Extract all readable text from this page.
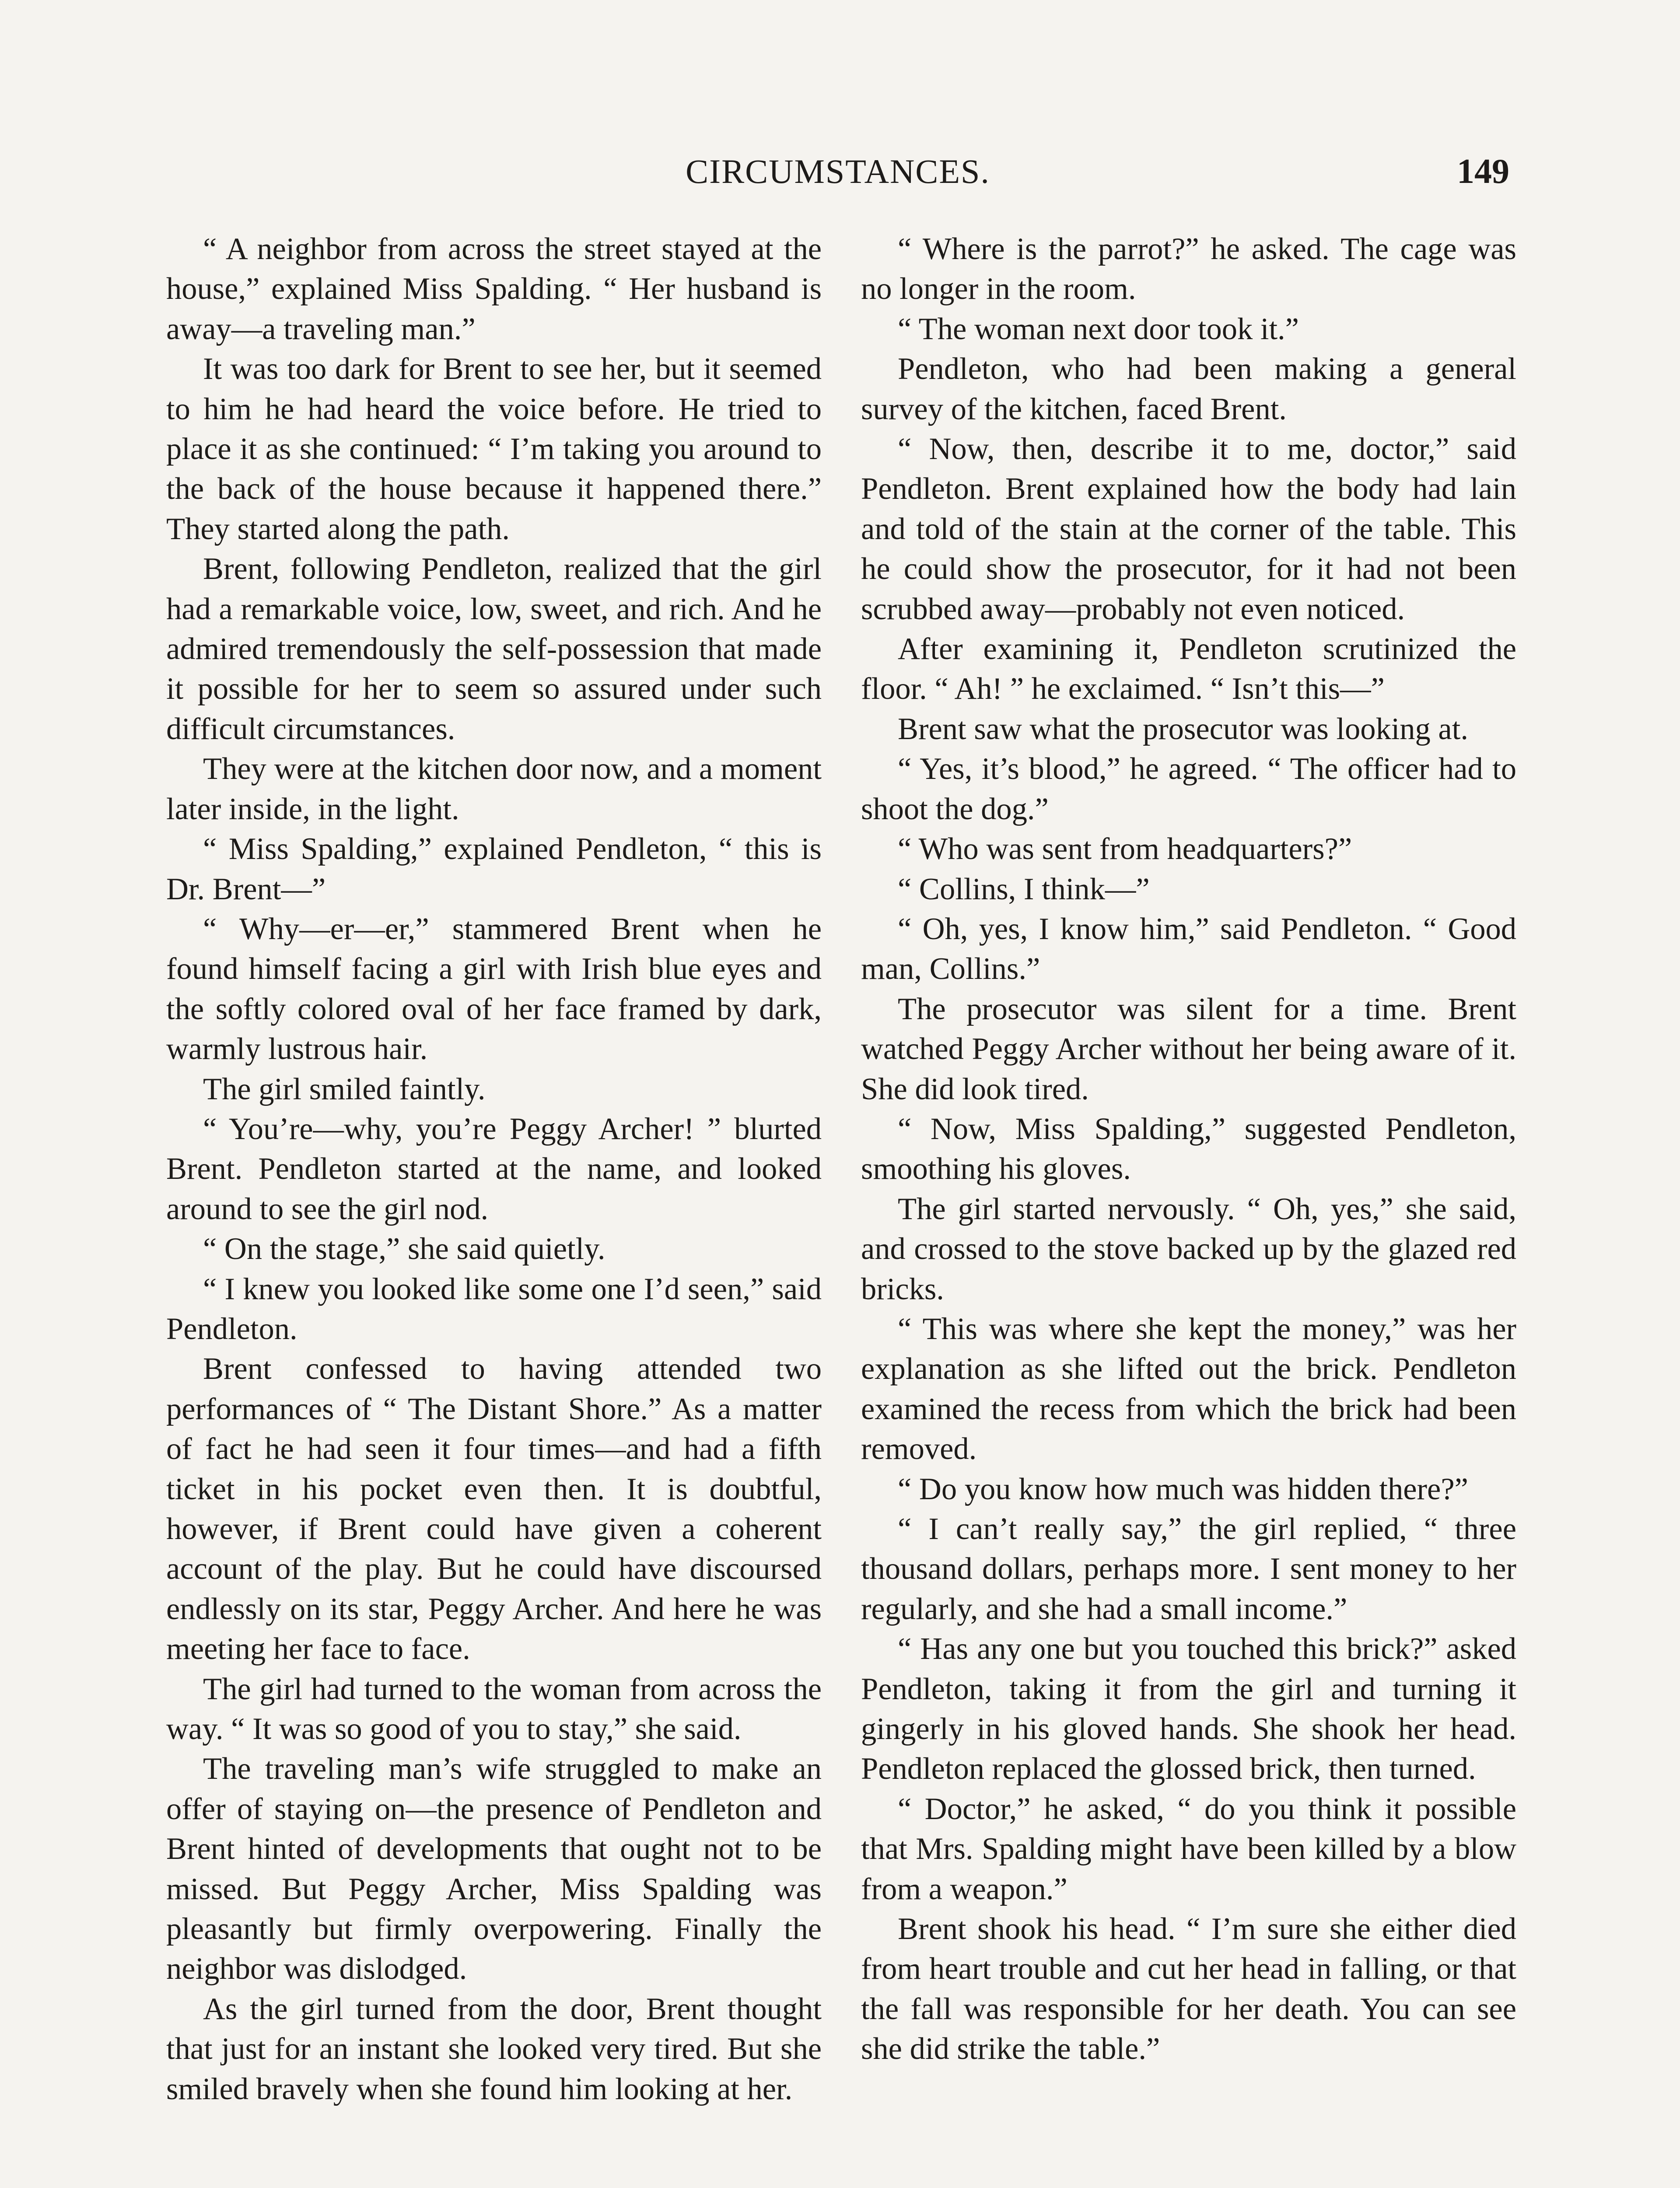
CIRCUMSTANCES.	149

“ A neighbor from across the street stayed at the house,” explained Miss Spalding. “ Her husband is away—a traveling man.”

It was too dark for Brent to see her, but it seemed to him he had heard the voice before. He tried to place it as she continued: “ I’m taking you around to the back of the house because it happened there.” They started along the path.

Brent, following Pendleton, realized that the girl had a remarkable voice, low, sweet, and rich. And he admired tremendously the self-possession that made it possible for her to seem so assured under such difficult circumstances.

They were at the kitchen door now, and a moment later inside, in the light.

“ Miss Spalding,” explained Pendleton, “ this is Dr. Brent—”

“ Why—er—er,” stammered Brent when he found himself facing a girl with Irish blue eyes and the softly colored oval of her face framed by dark, warmly lustrous hair.

The girl smiled faintly.

“ You’re—why, you’re Peggy Archer! ” blurted Brent. Pendleton started at the name, and looked around to see the girl nod.

“ On the stage,” she said quietly.

“ I knew you looked like some one I’d seen,” said Pendleton.

Brent confessed to having attended two performances of “ The Distant Shore.” As a matter of fact he had seen it four times—and had a fifth ticket in his pocket even then. It is doubtful, however, if Brent could have given a coherent account of the play. But he could have discoursed endlessly on its star, Peggy Archer. And here he was meeting her face to face.

The girl had turned to the woman from across the way. “ It was so good of you to stay,” she said.

The traveling man’s wife struggled to make an offer of staying on—the presence of Pendleton and Brent hinted of developments that ought not to be missed. But Peggy Archer, Miss Spalding was pleasantly but firmly overpowering. Finally the neighbor was dislodged.

As the girl turned from the door, Brent thought that just for an instant she looked very tired. But she smiled bravely when she found him looking at her.

“ Where is the parrot?” he asked. The cage was no longer in the room.

“ The woman next door took it.”

Pendleton, who had been making a general survey of the kitchen, faced Brent.

“ Now, then, describe it to me, doctor,” said Pendleton. Brent explained how the body had lain and told of the stain at the corner of the table. This he could show the prosecutor, for it had not been scrubbed away—probably not even noticed.

After examining it, Pendleton scrutinized the floor. “ Ah! ” he exclaimed. “ Isn’t this—”

Brent saw what the prosecutor was looking at.

“ Yes, it’s blood,” he agreed. “ The officer had to shoot the dog.”

“ Who was sent from headquarters?”

“ Collins, I think—”

“ Oh, yes, I know him,” said Pendleton. “ Good man, Collins.”

The prosecutor was silent for a time. Brent watched Peggy Archer without her being aware of it. She did look tired.

“ Now, Miss Spalding,” suggested Pendleton, smoothing his gloves.

The girl started nervously. “ Oh, yes,” she said, and crossed to the stove backed up by the glazed red bricks.

“ This was where she kept the money,” was her explanation as she lifted out the brick. Pendleton examined the recess from which the brick had been removed.

“ Do you know how much was hidden there?”

“ I can’t really say,” the girl replied, “ three thousand dollars, perhaps more. I sent money to her regularly, and she had a small income.”

“ Has any one but you touched this brick?” asked Pendleton, taking it from the girl and turning it gingerly in his gloved hands. She shook her head. Pendleton replaced the glossed brick, then turned.

“ Doctor,” he asked, “ do you think it possible that Mrs. Spalding might have been killed by a blow from a weapon.”

Brent shook his head. “ I’m sure she either died from heart trouble and cut her head in falling, or that the fall was responsible for her death. You can see she did strike the table.”
